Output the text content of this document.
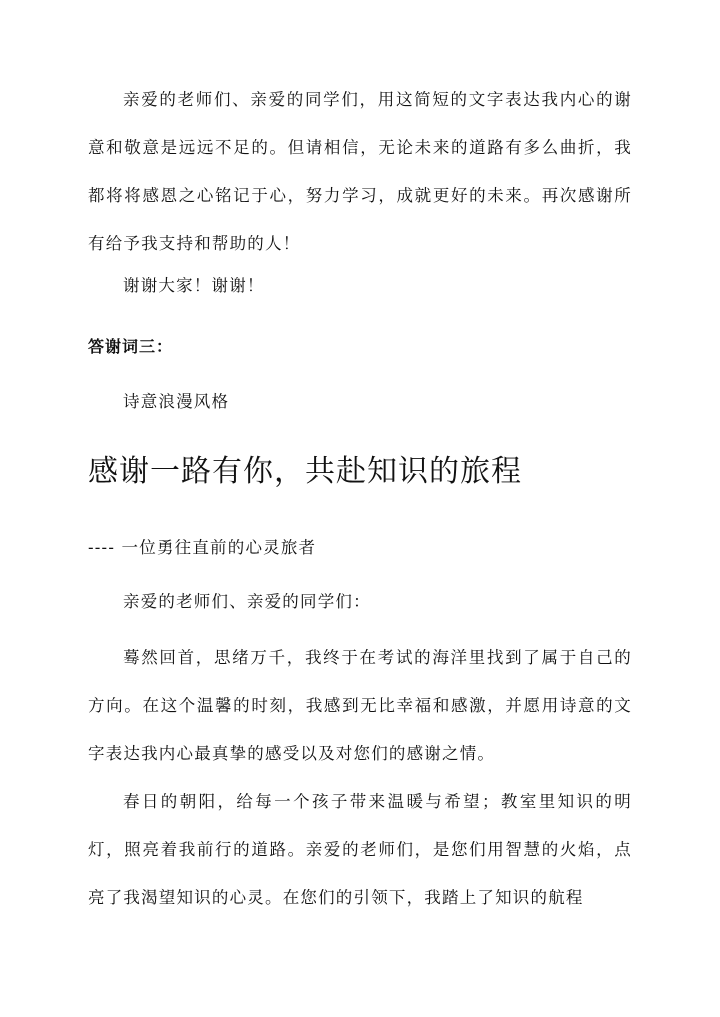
亲爱的老师们、亲爱的同学们，用这简短的文字表达我内心的谢意和敬意是远远不足的。但请相信，无论未来的道路有多么曲折，我都将将感恩之心铭记于心，努力学习，成就更好的未来。再次感谢所有给予我支持和帮助的人！

谢谢大家！谢谢！

答谢词三：

诗意浪漫风格

感谢一路有你，共赴知识的旅程

---- 一位勇往直前的心灵旅者

亲爱的老师们、亲爱的同学们：

蓦然回首，思绪万千，我终于在考试的海洋里找到了属于自己的方向。在这个温馨的时刻，我感到无比幸福和感激，并愿用诗意的文字表达我内心最真挚的感受以及对您们的感谢之情。

春日的朝阳，给每一个孩子带来温暖与希望；教室里知识的明灯，照亮着我前行的道路。亲爱的老师们，是您们用智慧的火焰，点亮了我渴望知识的心灵。在您们的引领下，我踏上了知识的航程
